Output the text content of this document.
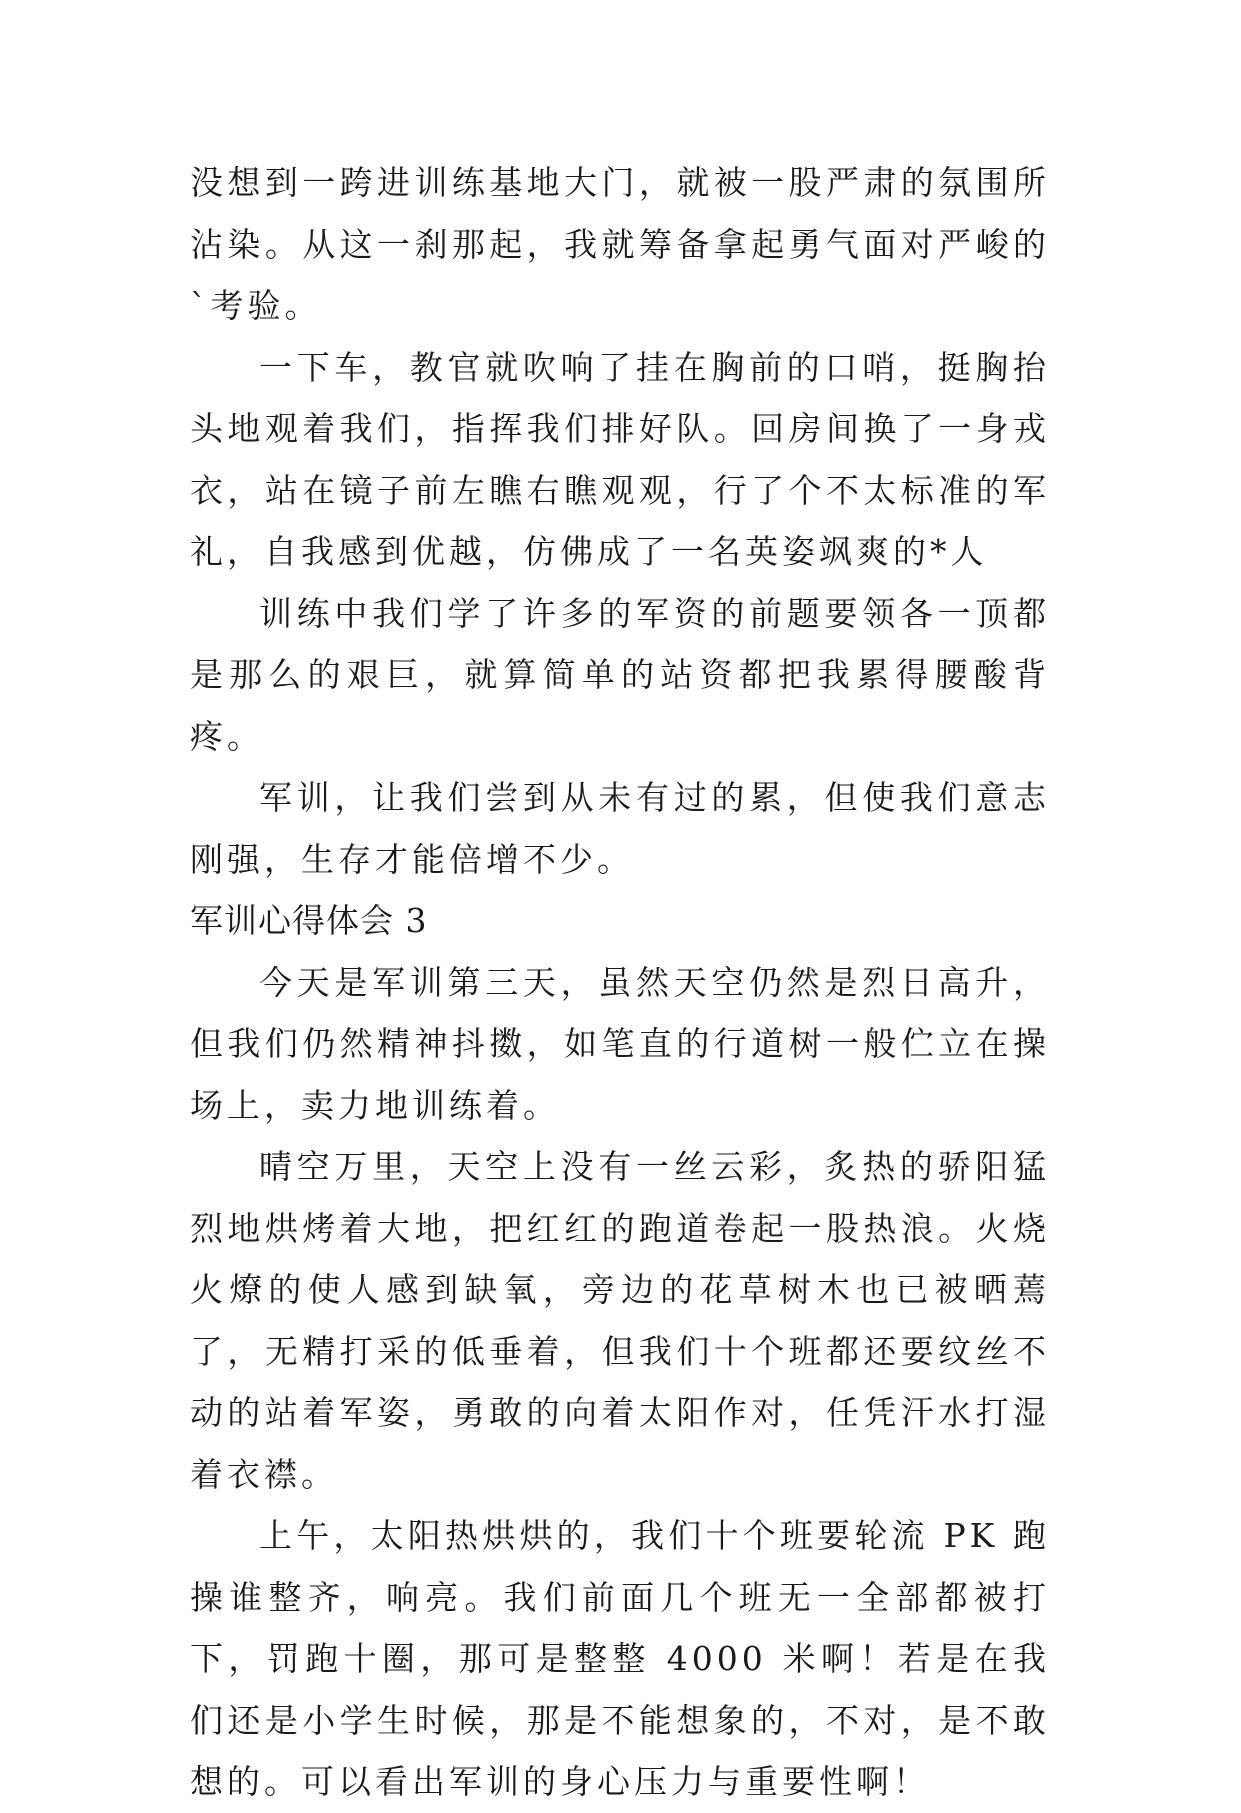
没想到一跨进训练基地大门，就被一股严肃的氛围所沾染。从这一刹那起，我就筹备拿起勇气面对严峻的`考验。

一下车，教官就吹响了挂在胸前的口哨，挺胸抬头地观着我们，指挥我们排好队。回房间换了一身戎衣，站在镜子前左瞧右瞧观观，行了个不太标准的军礼，自我感到优越，仿佛成了一名英姿飒爽的*人

训练中我们学了许多的军资的前题要领各一顶都是那么的艰巨，就算简单的站资都把我累得腰酸背疼。

军训，让我们尝到从未有过的累，但使我们意志刚强，生存才能倍增不少。

军训心得体会 3

今天是军训第三天，虽然天空仍然是烈日高升，但我们仍然精神抖擞，如笔直的行道树一般伫立在操场上，卖力地训练着。

晴空万里，天空上没有一丝云彩，炙热的骄阳猛烈地烘烤着大地，把红红的跑道卷起一股热浪。火烧火燎的使人感到缺氧，旁边的花草树木也已被晒蔫了，无精打采的低垂着，但我们十个班都还要纹丝不动的站着军姿，勇敢的向着太阳作对，任凭汗水打湿着衣襟。

上午，太阳热烘烘的，我们十个班要轮流 PK 跑操谁整齐，响亮。我们前面几个班无一全部都被打下，罚跑十圈，那可是整整 4000 米啊！若是在我们还是小学生时候，那是不能想象的，不对，是不敢想的。可以看出军训的身心压力与重要性啊！
